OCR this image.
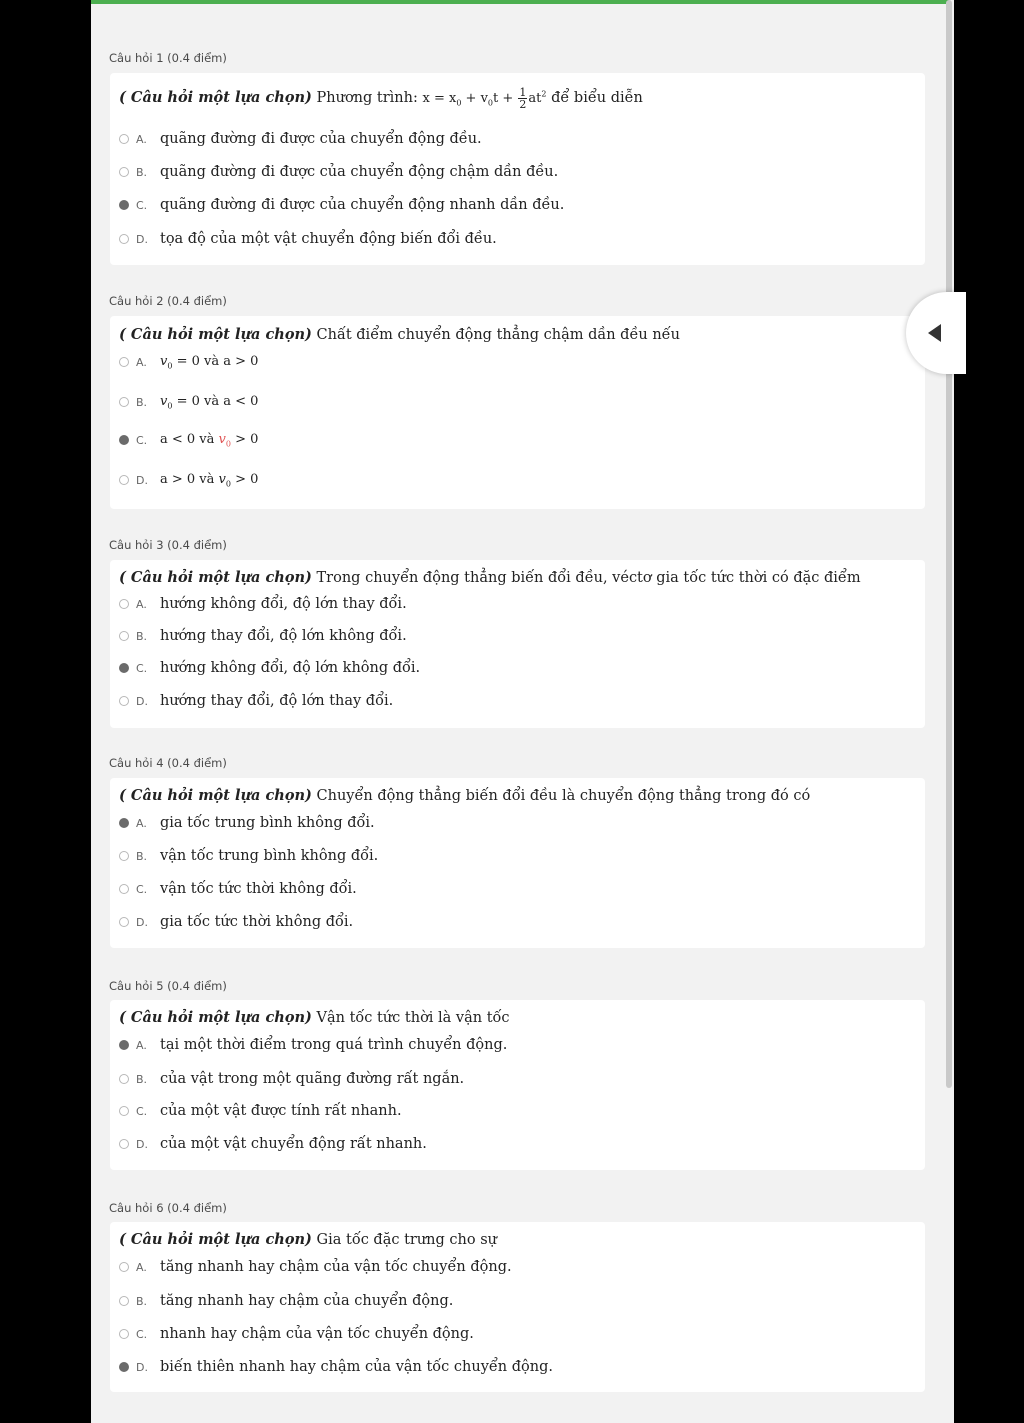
Câu hỏi 1 (0.4 điểm)
( Câu hỏi một lựa chọn) Phương trình: $x = x_0 + v_0t + \frac{1}{2} at^2$ để biểu diễn
A. quãng đường đi được của chuyển động đều.
B. quãng đường đi được của chuyển động chậm dần đều.
C. quãng đường đi được của chuyển động nhanh dần đều.
D. tọa độ của một vật chuyển động biến đổi đều.
Câu hỏi 2 (0.4 điểm)
( Câu hỏi một lựa chọn) Chất điểm chuyển động thẳng chậm dần đều nếu
A.	$v_0 = 0$ và a > 0
B. $v_0 = 0$ và a < 0
C. a < 0 và $v_0 > 0$
D. a > 0 và $v_0 > 0$
Câu hỏi 3 (0.4 điểm)
( Câu hỏi một lựa chọn) Trong chuyển động thẳng biến đổi đều, véctơ gia tốc tức thời có đặc điểm
A. hướng không đổi, độ lớn thay đổi.
B. hướng thay đổi, độ lớn không đổi.
C. hướng không đổi, độ lớn không đổi.
D. hướng thay đổi, độ lớn thay đổi.
Câu hỏi 4 (0.4 điểm)
( Câu hỏi một lựa chọn) Chuyển động thẳng biến đổi đều là chuyển động thẳng trong đó có
A. gia tốc trung bình không đổi.
B. vận tốc trung bình không đổi.
C. vận tốc tức thời không đổi.
D. gia tốc tức thời không đổi.
Câu hỏi 5 (0.4 điểm)
( Câu hỏi một lựa chọn) Vận tốc tức thời là vận tốc
A. tại một thời điểm trong quá trình chuyển động.
B. của vật trong một quãng đường rất ngắn.
C. của một vật được tính rất nhanh.
D. của một vật chuyển động rất nhanh.
Câu hỏi 6 (0.4 điểm)
( Câu hỏi một lựa chọn) Gia tốc đặc trưng cho sự
A. tăng nhanh hay chậm của vận tốc chuyển động.
B. tăng nhanh hay chậm của chuyển động.
C. nhanh hay chậm của vận tốc chuyển động.
D. biến thiên nhanh hay chậm của vận tốc chuyển động.
